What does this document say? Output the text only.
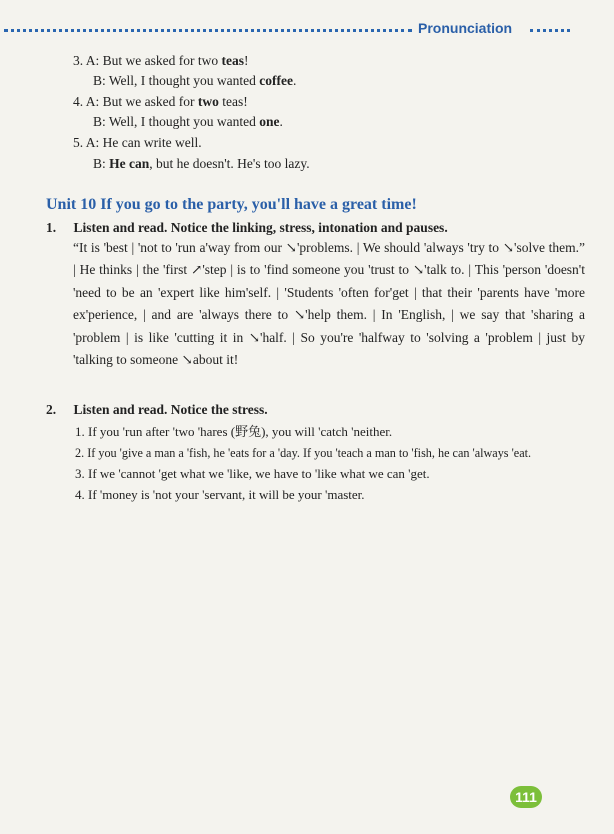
Pronunciation
3. A: But we asked for two teas!
B: Well, I thought you wanted coffee.
4. A: But we asked for two teas!
B: Well, I thought you wanted one.
5. A: He can write well.
B: He can, but he doesn't. He's too lazy.
Unit 10 If you go to the party, you'll have a great time!
1. Listen and read. Notice the linking, stress, intonation and pauses.
“It is 'best | 'not to 'run a'way from our ↘'problems. | We should 'always 'try to ↘'solve them.” | He thinks | the 'first ↗'step | is to 'find someone you 'trust to ↘'talk to. | This 'person 'doesn't 'need to be an 'expert like him'self. | 'Students 'often for'get | that their 'parents have 'more ex'perience, | and are 'always there to ↘'help them. | In 'English, | we say that 'sharing a 'problem | is like 'cutting it in ↘'half. | So you're 'halfway to 'solving a 'problem | just by 'talking to someone ↘about it!
2. Listen and read. Notice the stress.
1. If you 'run after 'two 'hares (野兔), you will 'catch 'neither.
2. If you 'give a man a 'fish, he 'eats for a 'day. If you 'teach a man to 'fish, he can 'always 'eat.
3. If we 'cannot 'get what we 'like, we have to 'like what we can 'get.
4. If 'money is 'not your 'servant, it will be your 'master.
111
